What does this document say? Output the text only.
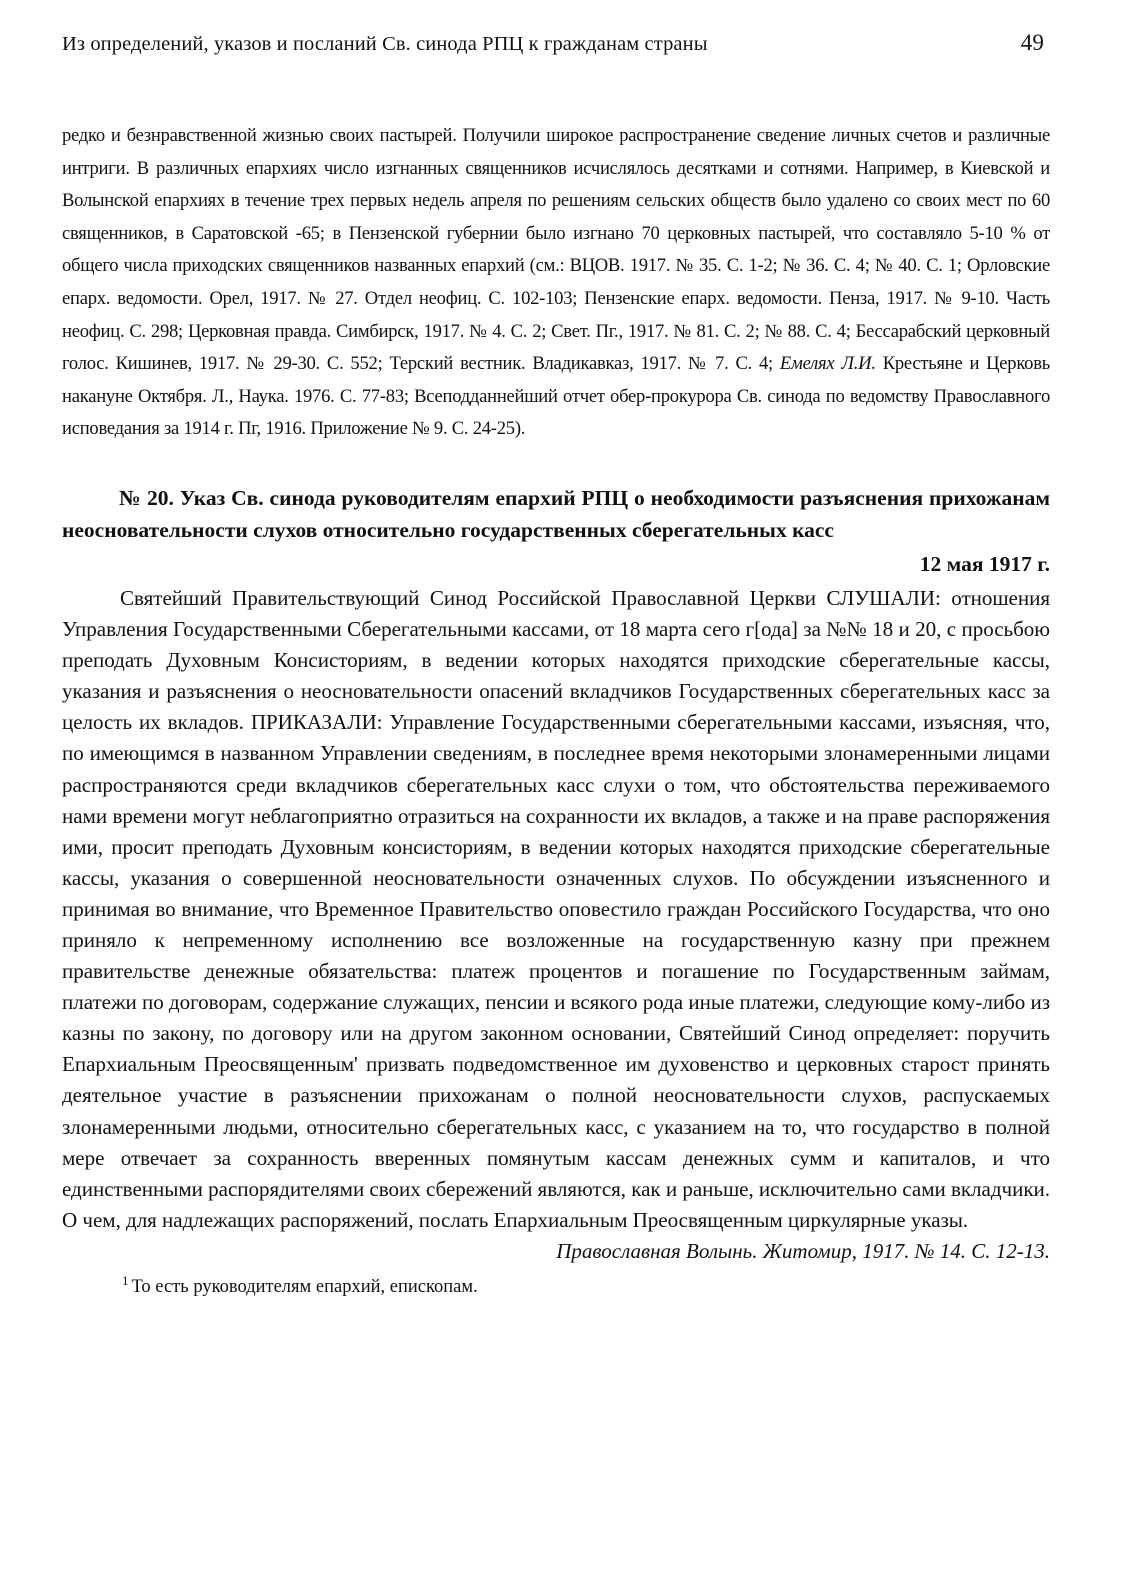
Из определений, указов и посланий Св. синода РПЦ к гражданам страны	49
редко и безнравственной жизнью своих пастырей. Получили широкое распространение сведение личных счетов и различные интриги. В различных епархиях число изгнанных священников исчислялось десятками и сотнями. Например, в Киевской и Волынской епархиях в течение трех первых недель апреля по решениям сельских обществ было удалено со своих мест по 60 священников, в Саратовской -65; в Пензенской губернии было изгнано 70 церковных пастырей, что составляло 5-10 % от общего числа приходских священников названных епархий (см.: ВЦОВ. 1917. № 35. С. 1-2; № 36. С. 4; № 40. С. 1; Орловские епарх. ведомости. Орел, 1917. № 27. Отдел неофиц. С. 102-103; Пензенские епарх. ведомости. Пенза, 1917. № 9-10. Часть неофиц. С. 298; Церковная правда. Симбирск, 1917. № 4. С. 2; Свет. Пг., 1917. № 81. С. 2; № 88. С. 4; Бессарабский церковный голос. Кишинев, 1917. № 29-30. С. 552; Терский вестник. Владикавказ, 1917. № 7. С. 4; Емелях Л.И. Крестьяне и Церковь накануне Октября. Л., Наука. 1976. С. 77-83; Всеподданнейший отчет обер-прокурора Св. синода по ведомству Православного исповедания за 1914 г. Пг, 1916. Приложение № 9. С. 24-25).
№ 20. Указ Св. синода руководителям епархий РПЦ о необходимости разъяснения прихожанам неосновательности слухов относительно государственных сберегательных касс
12 мая 1917 г.
Святейший Правительствующий Синод Российской Православной Церкви СЛУШАЛИ: отношения Управления Государственными Сберегательными кассами, от 18 марта сего г[ода] за №№ 18 и 20, с просьбою преподать Духовным Консисториям, в ведении которых находятся приходские сберегательные кассы, указания и разъяснения о неосновательности опасений вкладчиков Государственных сберегательных касс за целость их вкладов. ПРИКАЗАЛИ: Управление Государственными сберегательными кассами, изъясняя, что, по имеющимся в названном Управлении сведениям, в последнее время некоторыми злонамеренными лицами распространяются среди вкладчиков сберегательных касс слухи о том, что обстоятельства переживаемого нами времени могут неблагоприятно отразиться на сохранности их вкладов, а также и на праве распоряжения ими, просит преподать Духовным консисториям, в ведении которых находятся приходские сберегательные кассы, указания о совершенной неосновательности означенных слухов. По обсуждении изъясненного и принимая во внимание, что Временное Правительство оповестило граждан Российского Государства, что оно приняло к непременному исполнению все возложенные на государственную казну при прежнем правительстве денежные обязательства: платеж процентов и погашение по Государственным займам, платежи по договорам, содержание служащих, пенсии и всякого рода иные платежи, следующие кому-либо из казны по закону, по договору или на другом законном основании, Святейший Синод определяет: поручить Епархиальным Преосвященным' призвать подведомственное им духовенство и церковных старост принять деятельное участие в разъяснении прихожанам о полной неосновательности слухов, распускаемых злонамеренными людьми, относительно сберегательных касс, с указанием на то, что государство в полной мере отвечает за сохранность вверенных помянутым кассам денежных сумм и капиталов, и что единственными распорядителями своих сбережений являются, как и раньше, исключительно сами вкладчики. О чем, для надлежащих распоряжений, послать Епархиальным Преосвященным циркулярные указы.
Православная Волынь. Житомир, 1917. № 14. С. 12-13.
$^1$ То есть руководителям епархий, епископам.
